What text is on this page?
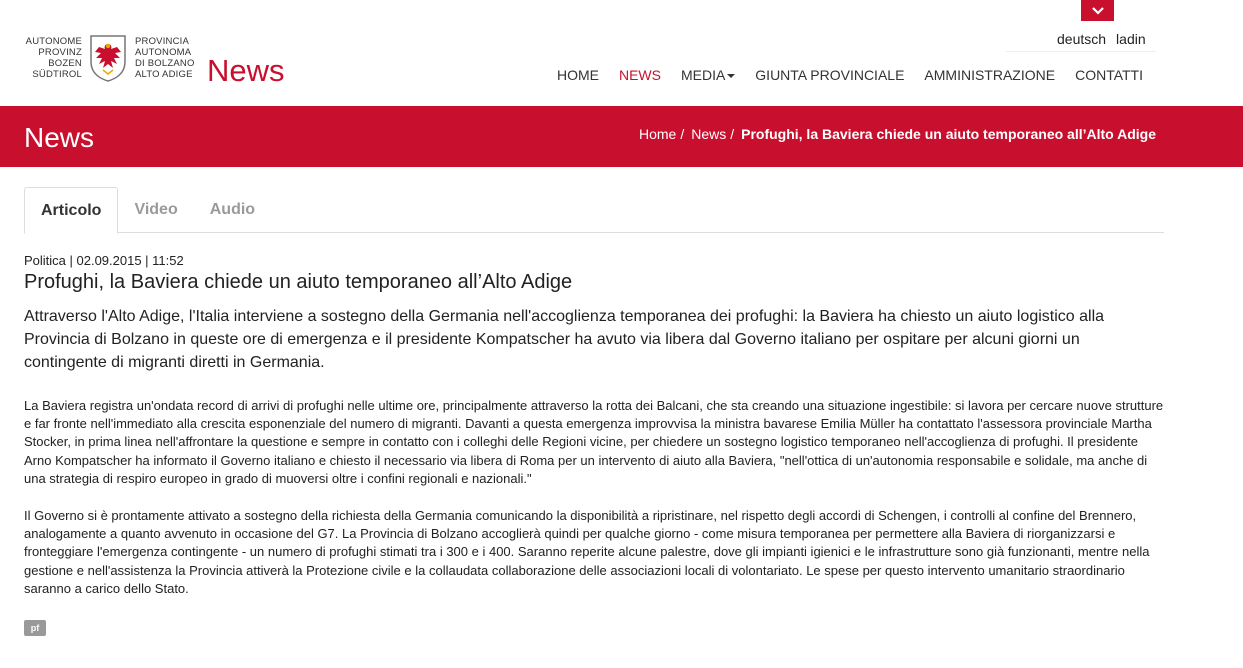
deutsch ladin
AUTONOME
PROVINZ
BOZEN
SÜDTIROL
PROVINCIA
AUTONOMA
DI BOLZANO
ALTO ADIGE News	HOME	NEWS	MEDIA	GIUNTA PROVINCIALE	AMMINISTRAZIONE	CONTATTI
News	Home / News / Profughi, la Baviera chiede un aiuto temporaneo all’Alto Adige
Articolo	Video	Audio
Politica | 02.09.2015 | 11:52
Profughi, la Baviera chiede un aiuto temporaneo all’Alto Adige
Attraverso l'Alto Adige, l'Italia interviene a sostegno della Germania nell'accoglienza temporanea dei profughi: la Baviera ha chiesto un aiuto logistico alla Provincia di Bolzano in queste ore di emergenza e il presidente Kompatscher ha avuto via libera dal Governo italiano per ospitare per alcuni giorni un contingente di migranti diretti in Germania.

La Baviera registra un'ondata record di arrivi di profughi nelle ultime ore, principalmente attraverso la rotta dei Balcani, che sta creando una situazione ingestibile: si lavora per cercare nuove strutture e far fronte nell'immediato alla crescita esponenziale del numero di migranti. Davanti a questa emergenza improvvisa la ministra bavarese Emilia Müller ha contattato l'assessora provinciale Martha Stocker, in prima linea nell'affrontare la questione e sempre in contatto con i colleghi delle Regioni vicine, per chiedere un sostegno logistico temporaneo nell'accoglienza di profughi. Il presidente Arno Kompatscher ha informato il Governo italiano e chiesto il necessario via libera di Roma per un intervento di aiuto alla Baviera, "nell'ottica di un'autonomia responsabile e solidale, ma anche di una strategia di respiro europeo in grado di muoversi oltre i confini regionali e nazionali."

Il Governo si è prontamente attivato a sostegno della richiesta della Germania comunicando la disponibilità a ripristinare, nel rispetto degli accordi di Schengen, i controlli al confine del Brennero, analogamente a quanto avvenuto in occasione del G7. La Provincia di Bolzano accoglierà quindi per qualche giorno - come misura temporanea per permettere alla Baviera di riorganizzarsi e fronteggiare l'emergenza contingente - un numero di profughi stimati tra i 300 e i 400. Saranno reperite alcune palestre, dove gli impianti igienici e le infrastrutture sono già funzionanti, mentre nella gestione e nell'assistenza la Provincia attiverà la Protezione civile e la collaudata collaborazione delle associazioni locali di volontariato. Le spese per questo intervento umanitario straordinario saranno a carico dello Stato.

pf
